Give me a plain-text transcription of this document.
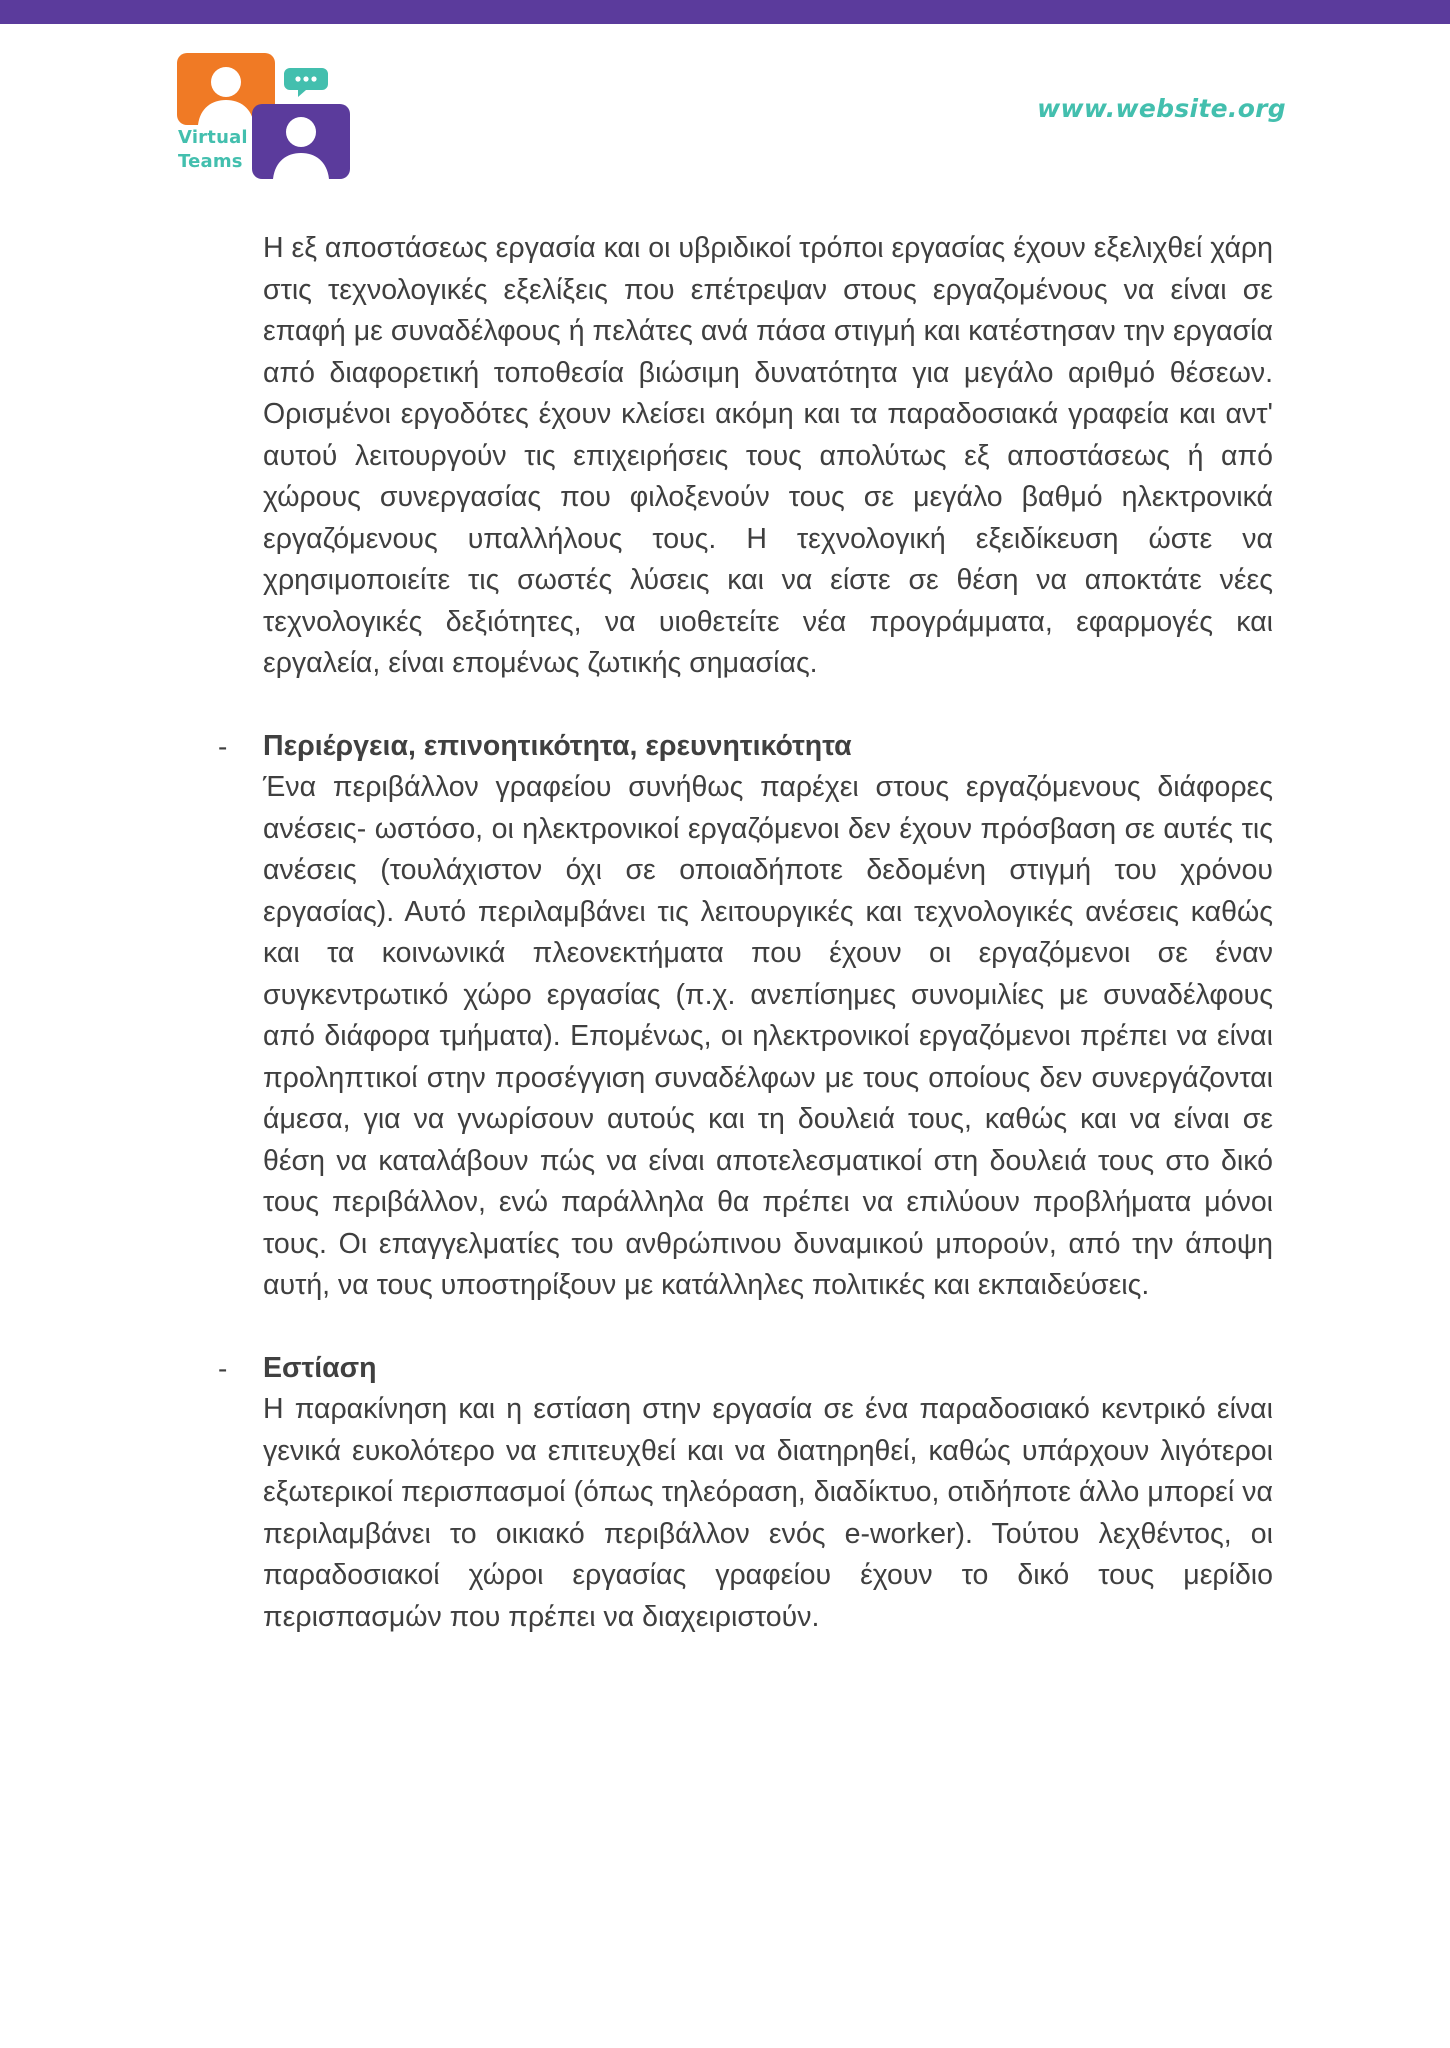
Virtual
Teams
www.website.org

Η εξ αποστάσεως εργασία και οι υβριδικοί τρόποι εργασίας έχουν εξελιχθεί χάρη στις τεχνολογικές εξελίξεις που επέτρεψαν στους εργαζομένους να είναι σε επαφή με συναδέλφους ή πελάτες ανά πάσα στιγμή και κατέστησαν την εργασία από διαφορετική τοποθεσία βιώσιμη δυνατότητα για μεγάλο αριθμό θέσεων. Ορισμένοι εργοδότες έχουν κλείσει ακόμη και τα παραδοσιακά γραφεία και αντ' αυτού λειτουργούν τις επιχειρήσεις τους απολύτως εξ αποστάσεως ή από χώρους συνεργασίας που φιλοξενούν τους σε μεγάλο βαθμό ηλεκτρονικά εργαζόμενους υπαλλήλους τους. Η τεχνολογική εξειδίκευση ώστε να χρησιμοποιείτε τις σωστές λύσεις και να είστε σε θέση να αποκτάτε νέες τεχνολογικές δεξιότητες, να υιοθετείτε νέα προγράμματα, εφαρμογές και εργαλεία, είναι επομένως ζωτικής σημασίας.

- Περιέργεια, επινοητικότητα, ερευνητικότητα
Ένα περιβάλλον γραφείου συνήθως παρέχει στους εργαζόμενους διάφορες ανέσεις- ωστόσο, οι ηλεκτρονικοί εργαζόμενοι δεν έχουν πρόσβαση σε αυτές τις ανέσεις (τουλάχιστον όχι σε οποιαδήποτε δεδομένη στιγμή του χρόνου εργασίας). Αυτό περιλαμβάνει τις λειτουργικές και τεχνολογικές ανέσεις καθώς και τα κοινωνικά πλεονεκτήματα που έχουν οι εργαζόμενοι σε έναν συγκεντρωτικό χώρο εργασίας (π.χ. ανεπίσημες συνομιλίες με συναδέλφους από διάφορα τμήματα). Επομένως, οι ηλεκτρονικοί εργαζόμενοι πρέπει να είναι προληπτικοί στην προσέγγιση συναδέλφων με τους οποίους δεν συνεργάζονται άμεσα, για να γνωρίσουν αυτούς και τη δουλειά τους, καθώς και να είναι σε θέση να καταλάβουν πώς να είναι αποτελεσματικοί στη δουλειά τους στο δικό τους περιβάλλον, ενώ παράλληλα θα πρέπει να επιλύουν προβλήματα μόνοι τους. Οι επαγγελματίες του ανθρώπινου δυναμικού μπορούν, από την άποψη αυτή, να τους υποστηρίξουν με κατάλληλες πολιτικές και εκπαιδεύσεις.
- Εστίαση
Η παρακίνηση και η εστίαση στην εργασία σε ένα παραδοσιακό κεντρικό είναι γενικά ευκολότερο να επιτευχθεί και να διατηρηθεί, καθώς υπάρχουν λιγότεροι εξωτερικοί περισπασμοί (όπως τηλεόραση, διαδίκτυο, οτιδήποτε άλλο μπορεί να περιλαμβάνει το οικιακό περιβάλλον ενός e-worker). Τούτου λεχθέντος, οι παραδοσιακοί χώροι εργασίας γραφείου έχουν το δικό τους μερίδιο περισπασμών που πρέπει να διαχειριστούν.
